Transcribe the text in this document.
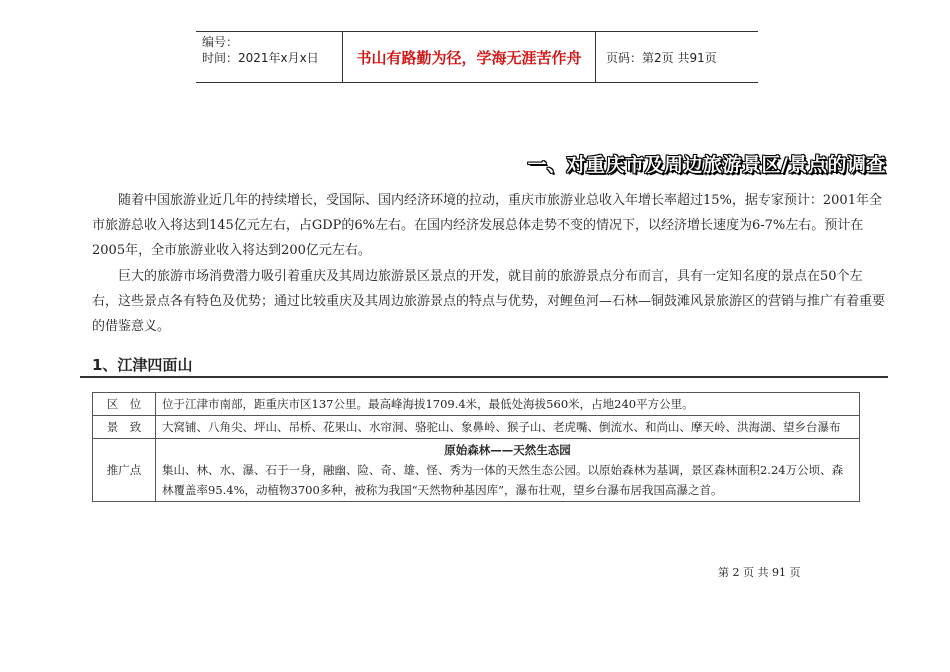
编号：
时间：2021年x月x日	书山有路勤为径，学海无涯苦作舟	页码：第2页 共91页
一、对重庆市及周边旅游景区/景点的调查
随着中国旅游业近几年的持续增长，受国际、国内经济环境的拉动，重庆市旅游业总收入年增长率超过15%，据专家预计：2001年全市旅游总收入将达到145亿元左右，占GDP的6%左右。在国内经济发展总体走势不变的情况下，以经济增长速度为6-7%左右。预计在2005年，全市旅游业收入将达到200亿元左右。
巨大的旅游市场消费潜力吸引着重庆及其周边旅游景区景点的开发，就目前的旅游景点分布而言，具有一定知名度的景点在50个左右，这些景点各有特色及优势；通过比较重庆及其周边旅游景点的特点与优势，对鲤鱼河—石林—铜鼓滩风景旅游区的营销与推广有着重要的借鉴意义。
1、江津四面山
区　位	位于江津市南部，距重庆市区137公里。最高峰海拔1709.4米，最低处海拔560米，占地240平方公里。
景　致	大窝铺、八角尖、坪山、吊桥、花果山、水帘洞、骆驼山、象鼻岭、猴子山、老虎嘴、倒流水、和尚山、摩天岭、洪海湖、望乡台瀑布
推广点	原始森林——天然生态园
集山、林、水、瀑、石于一身，融幽、险、奇、雄、怪、秀为一体的天然生态公园。以原始森林为基调，景区森林面积2.24万公顷、森林覆盖率95.4%，动植物3700多种，被称为我国“天然物种基因库”，瀑布壮观，望乡台瀑布居我国高瀑之首。
第 2 页 共 91 页
